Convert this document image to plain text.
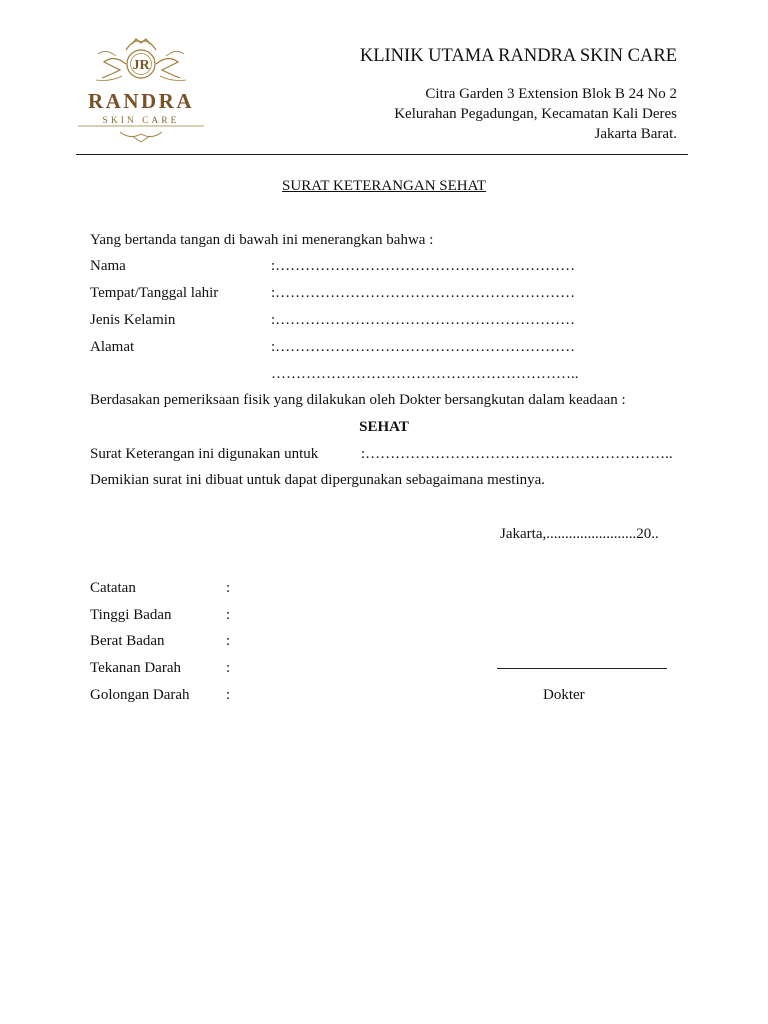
JR
RANDRA
SKIN CARE
KLINIK UTAMA RANDRA SKIN CARE
Citra Garden 3 Extension Blok B 24 No 2
Kelurahan Pegadungan, Kecamatan Kali Deres
Jakarta Barat.
SURAT KETERANGAN SEHAT
Yang bertanda tangan di bawah ini menerangkan bahwa :
Nama	:……………………………………………………
Tempat/Tanggal lahir	:……………………………………………………
Jenis Kelamin	:……………………………………………………
Alamat	:……………………………………………………
……………………………………………………..
Berdasakan pemeriksaan fisik yang dilakukan oleh Dokter bersangkutan dalam keadaan :
SEHAT
Surat Keterangan ini digunakan untuk	:……………………………………………………..
Demikian surat ini dibuat untuk dapat dipergunakan sebagaimana mestinya.
Jakarta,........................20..
Catatan	:
Tinggi Badan	:
Berat Badan	:
Tekanan Darah	:
Golongan Darah :	Dokter
